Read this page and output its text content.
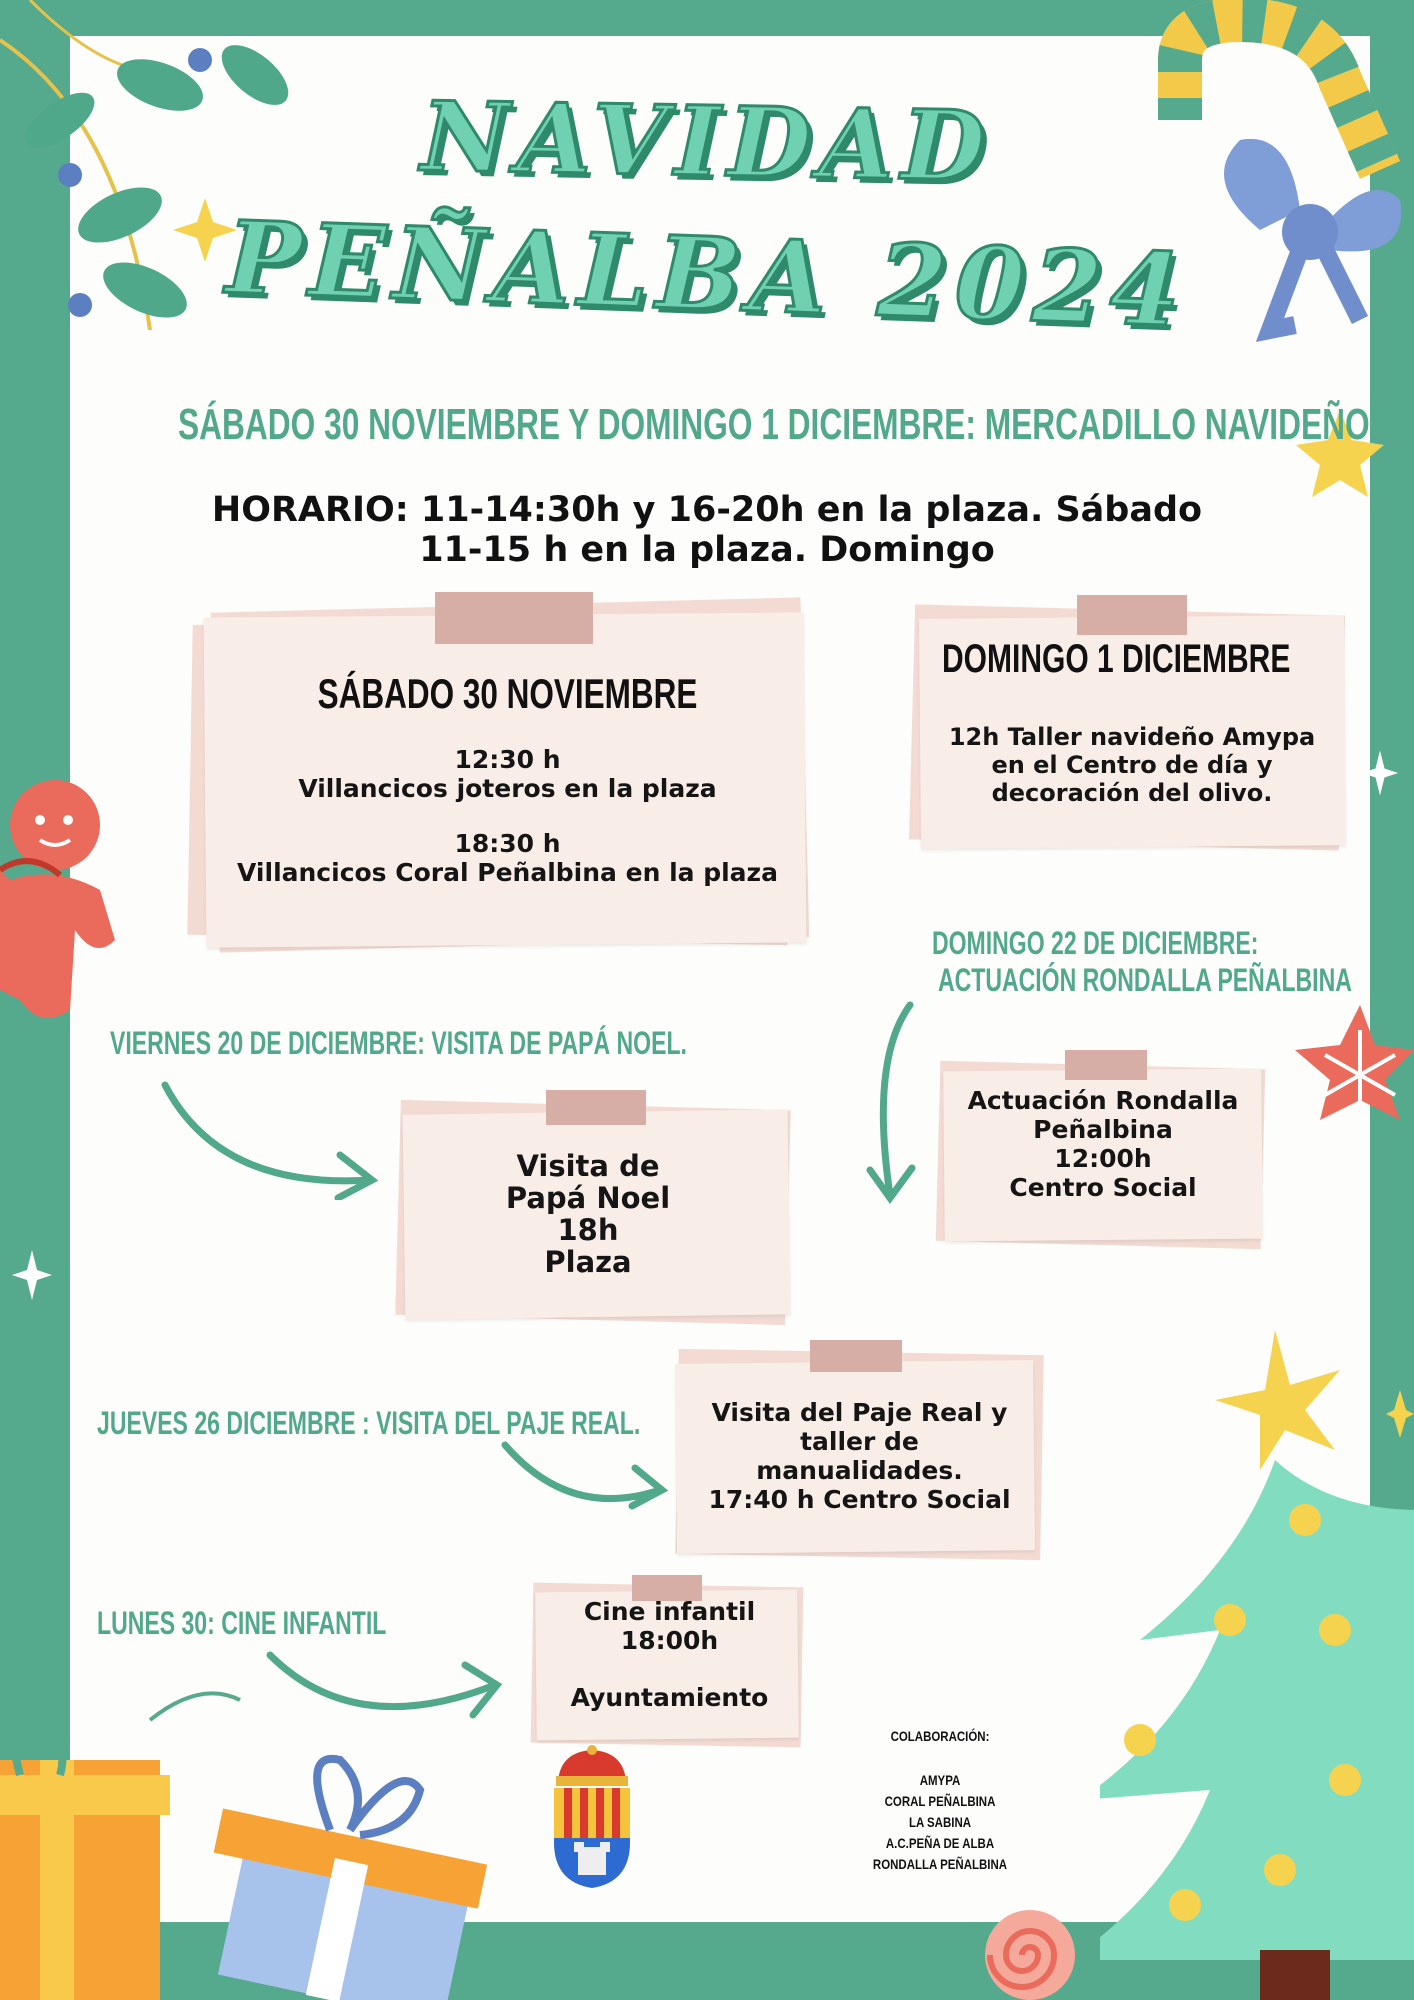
NAVIDAD
PEÑALBA 2024
SÁBADO 30 NOVIEMBRE Y DOMINGO 1 DICIEMBRE: MERCADILLO NAVIDEÑO
HORARIO: 11-14:30h y 16-20h en la plaza. Sábado
11-15 h en la plaza. Domingo
SÁBADO 30 NOVIEMBRE
12:30 h
Villancicos joteros en la plaza
18:30 h
Villancicos Coral Peñalbina en la plaza
DOMINGO 1 DICIEMBRE
12h Taller navideño Amypa
en el Centro de día y
decoración del olivo.
DOMINGO 22 DE DICIEMBRE:
ACTUACIÓN RONDALLA PEÑALBINA
Actuación Rondalla
Peñalbina
12:00h
Centro Social
VIERNES 20 DE DICIEMBRE: VISITA DE PAPÁ NOEL.
Visita de
Papá Noel
18h
Plaza
JUEVES 26 DICIEMBRE : VISITA DEL PAJE REAL.	Visita del Paje Real y
taller de
manualidades.
17:40 h Centro Social
LUNES 30: CINE INFANTIL	Cine infantil
18:00h
Ayuntamiento
COLABORACIÓN:
AMYPA
CORAL PEÑALBINA
LA SABINA
A.C.PEÑA DE ALBA
RONDALLA PEÑALBINA
